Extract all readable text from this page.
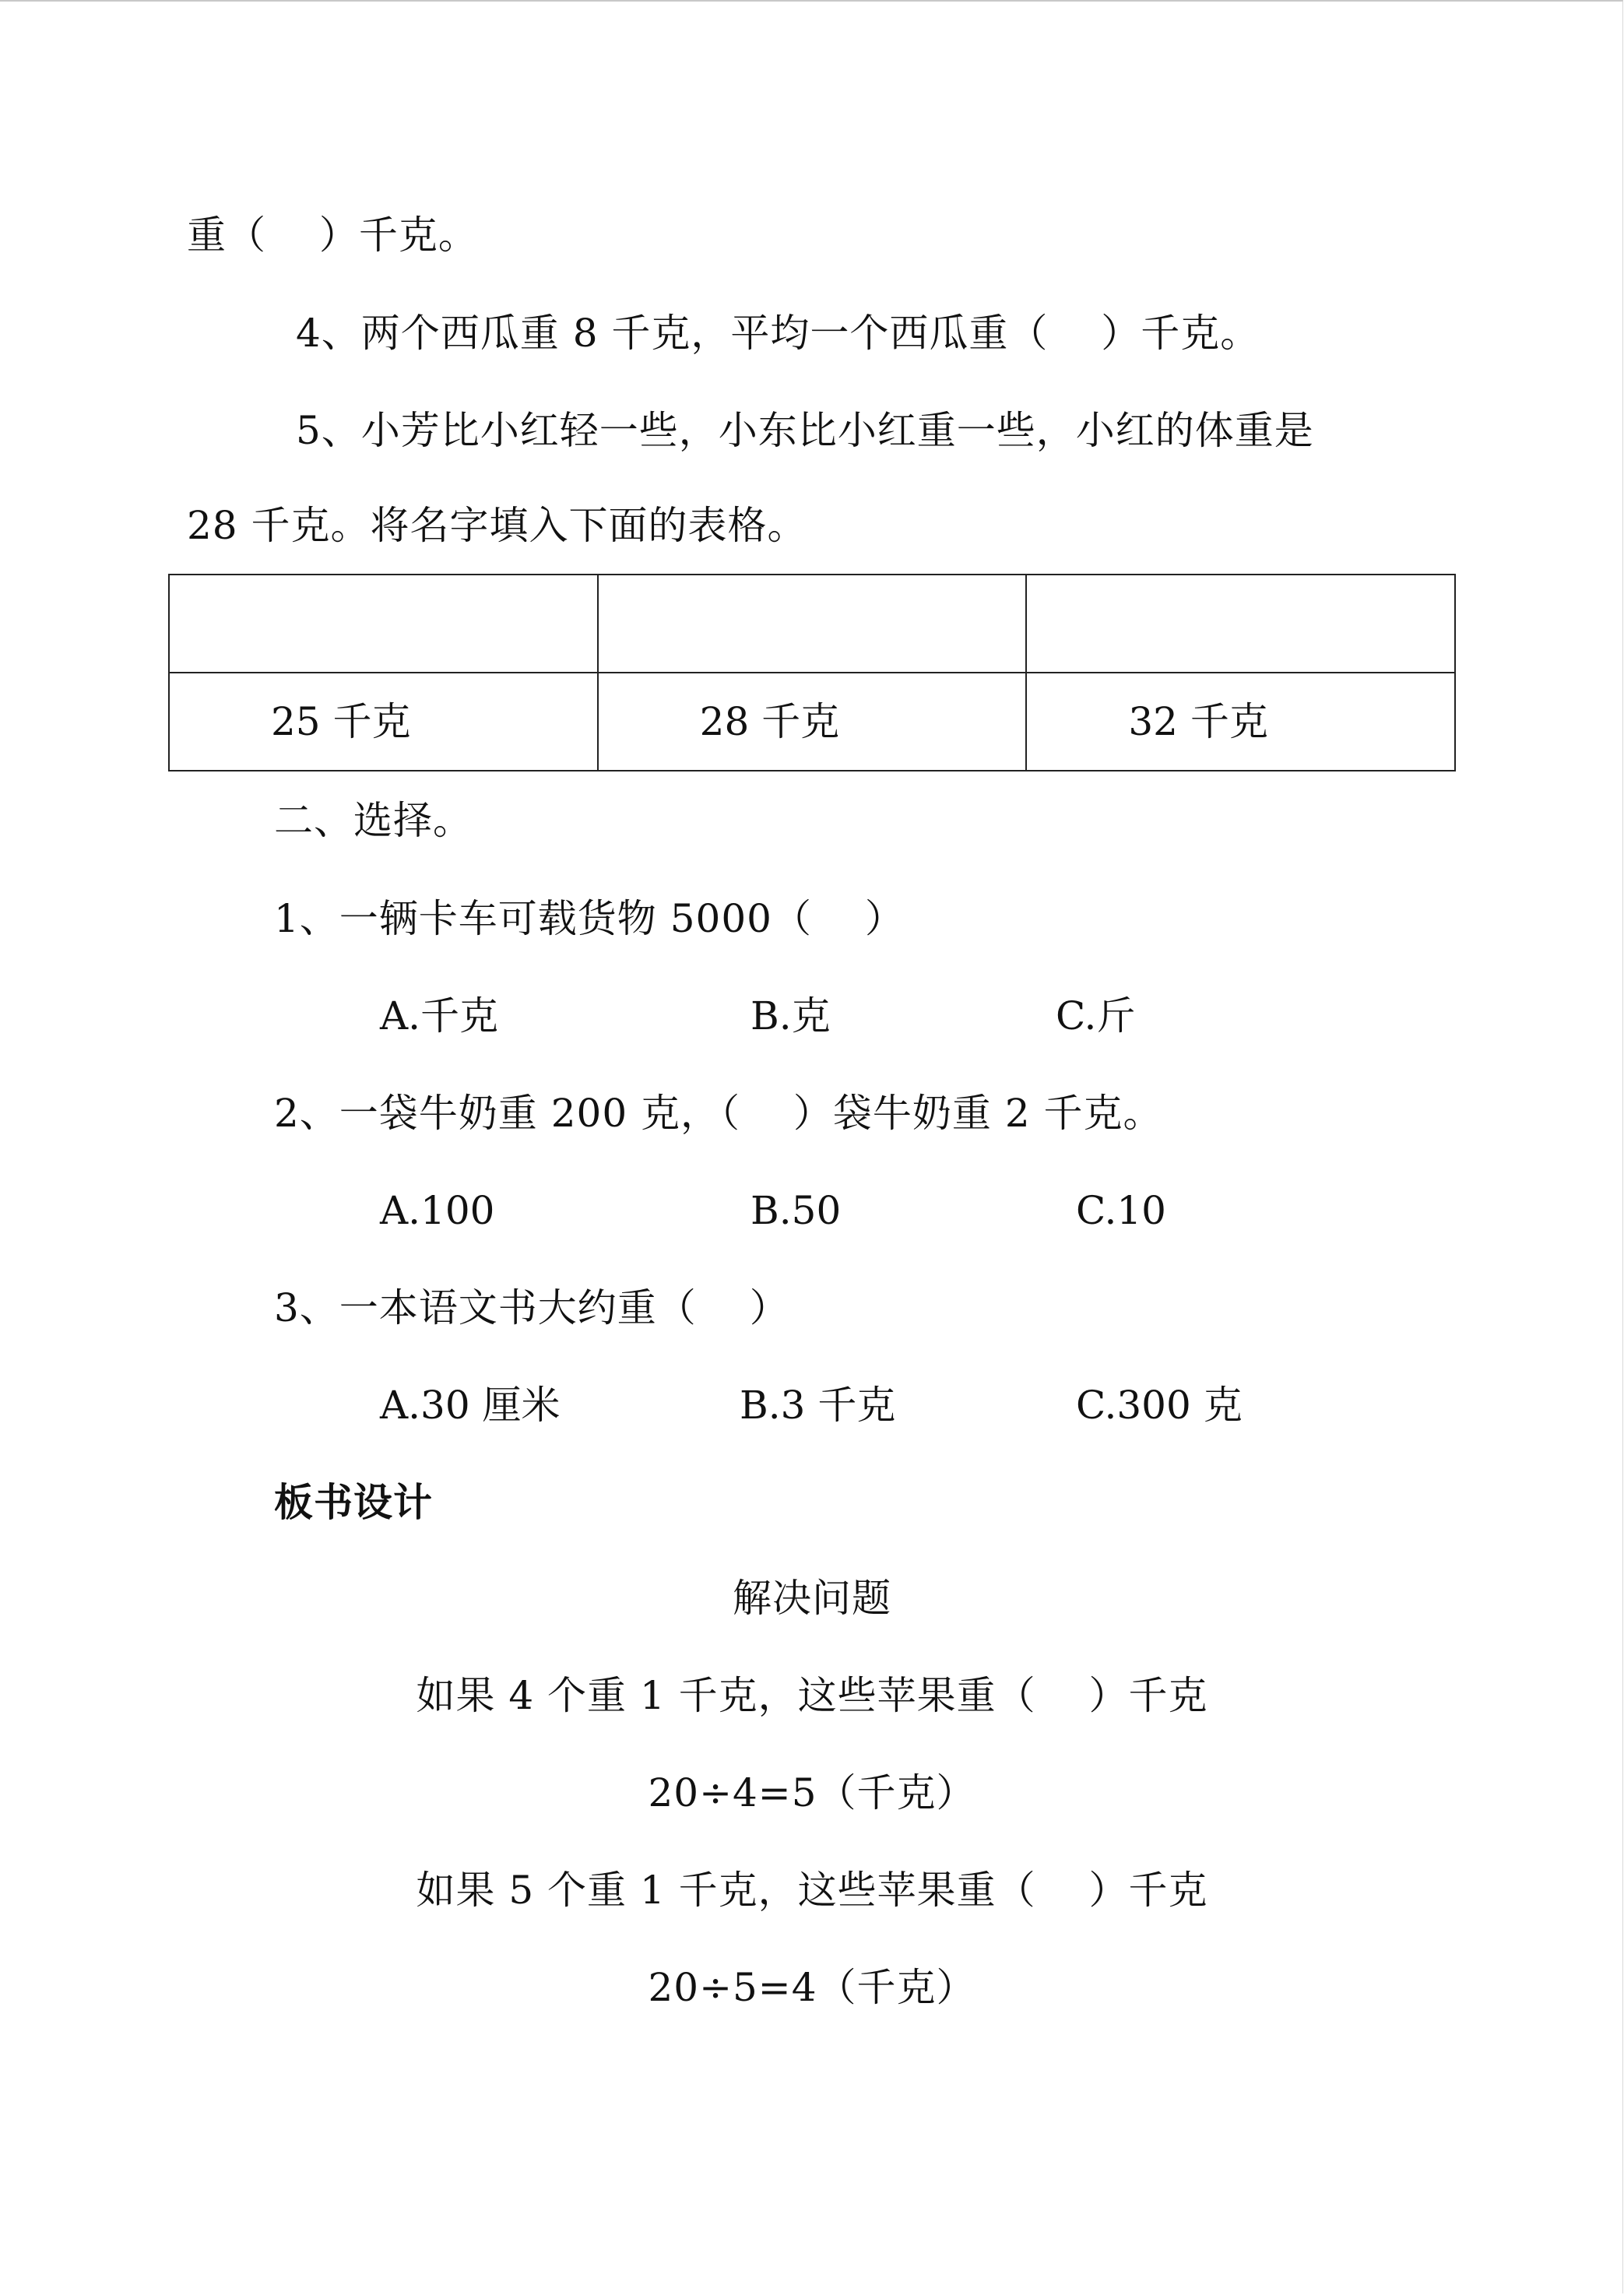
重（　 ）千克。
4、两个西瓜重 8 千克，平均一个西瓜重（　 ）千克。
5、小芳比小红轻一些，小东比小红重一些，小红的体重是
28 千克。将名字填入下面的表格。

25 千克	28 千克	32 千克
二、选择。
1、一辆卡车可载货物 5000（　 ）
A.千克	B.克	C.斤
2、一袋牛奶重 200 克，（　 ）袋牛奶重 2 千克。
A.100	B.50	C.10
3、一本语文书大约重（　 ）
A.30 厘米	B.3 千克	C.300 克
板书设计
解决问题
如果 4 个重 1 千克，这些苹果重（　 ）千克
20÷4=5（千克）
如果 5 个重 1 千克，这些苹果重（　 ）千克
20÷5=4（千克）
